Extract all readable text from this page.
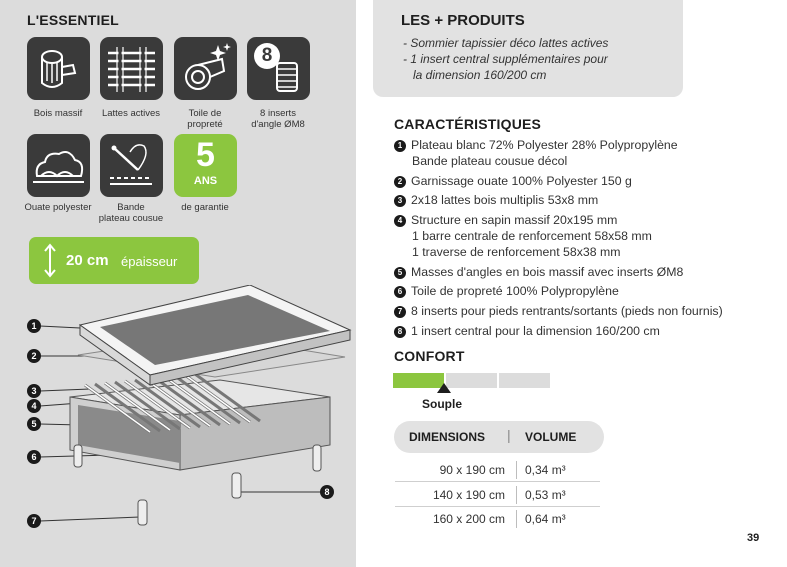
L'ESSENTIEL
8
Bois massif	Lattes actives	Toile de
propreté
8 inserts
d'angle ØM8
5
ANS
Ouate polyester	Bande
plateau cousue
de garantie
20 cm épaisseur
1
2
3
4
5
6
7
8
LES + PRODUITS
- Sommier tapissier déco lattes actives
- 1 insert central supplémentaires pour
la dimension 160/200 cm
CARACTÉRISTIQUES
1 Plateau blanc 72% Polyester 28% Polypropylène
Bande plateau cousue décol
2 Garnissage ouate 100% Polyester 150 g
3 2x18 lattes bois multiplis 53x8 mm
4 Structure en sapin massif 20x195 mm
1 barre centrale de renforcement 58x58 mm
1 traverse de renforcement 58x38 mm
5 Masses d'angles en bois massif avec inserts ØM8
6 Toile de propreté 100% Polypropylène
7 8 inserts pour pieds rentrants/sortants (pieds non fournis)
8 1 insert central pour la dimension 160/200 cm
CONFORT
Souple
DIMENSIONS | VOLUME
90 x 190 cm 0,34 m³
140 x 190 cm 0,53 m³
160 x 200 cm 0,64 m³
39
